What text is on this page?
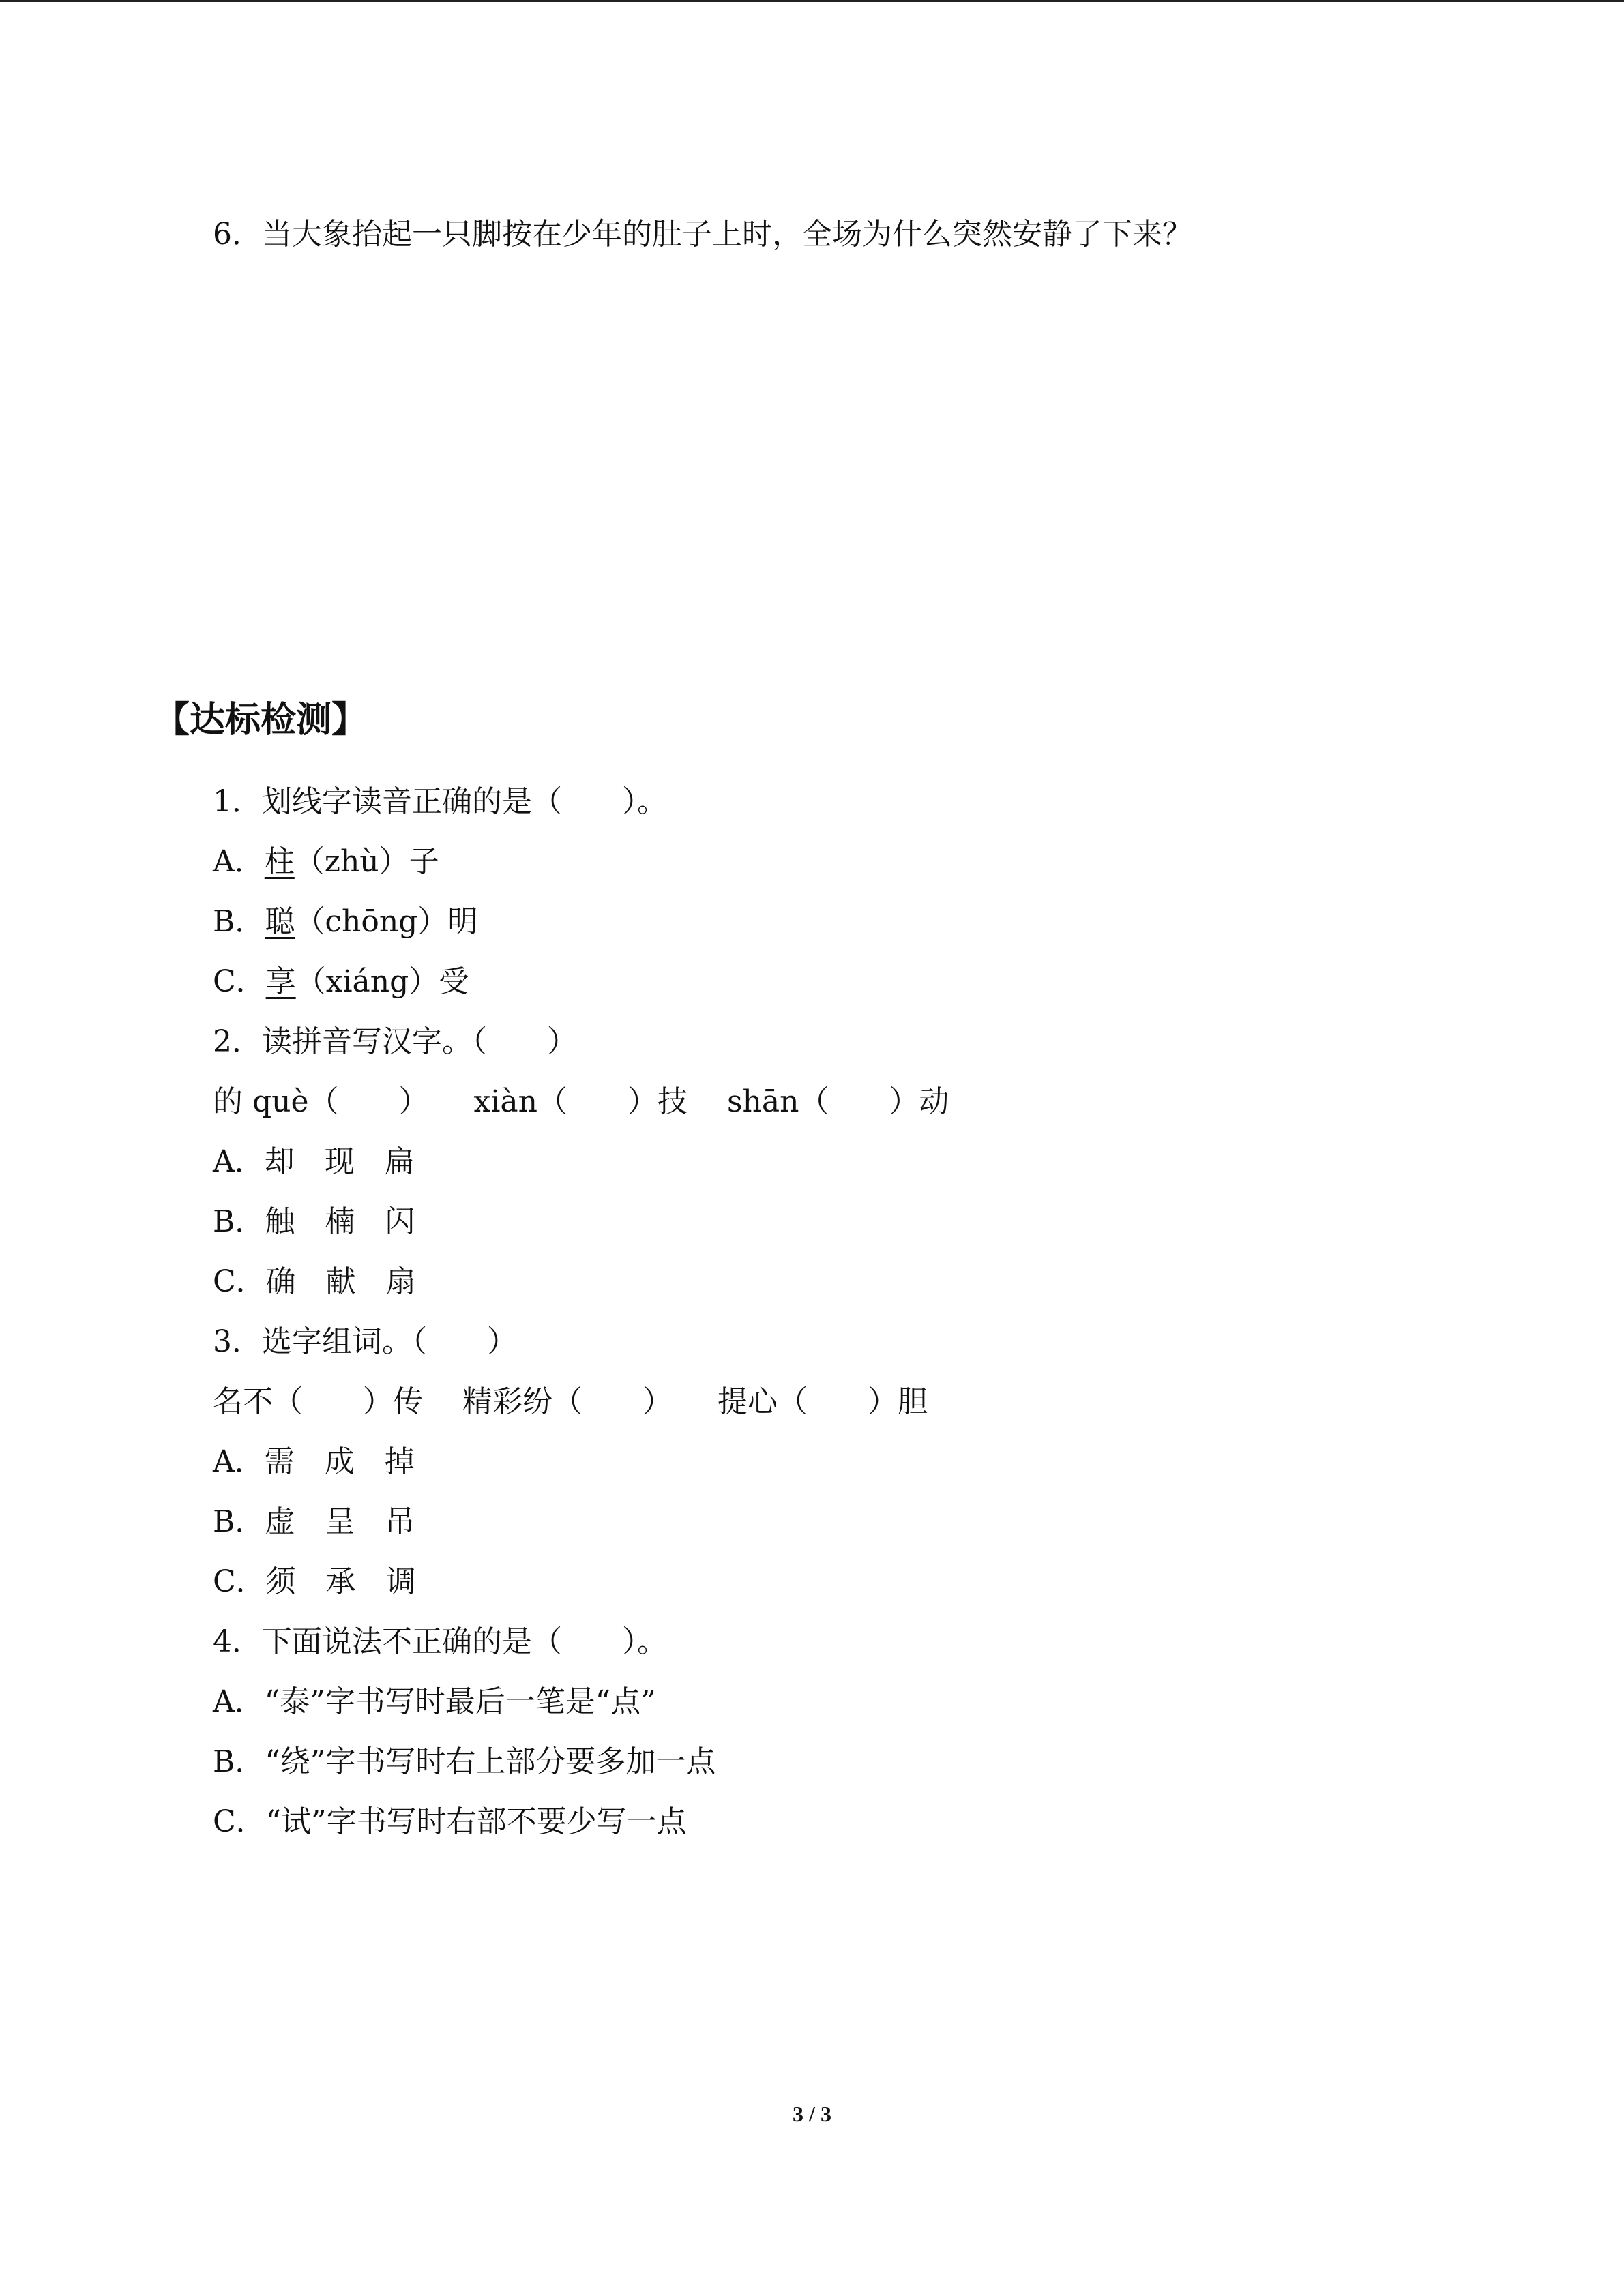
6．当大象抬起一只脚按在少年的肚子上时，全场为什么突然安静了下来？
【达标检测】
1．划线字读音正确的是（　　）。
A．柱（zhù）子
B．聪（chōng）明
C．享（xiáng）受
2．读拼音写汉字。（　　）
的 què（　　）　　xiàn（　　）技　 shān（　　）动
A．却　现　扁
B．触　楠　闪
C．确　献　扇
3．选字组词。（　　）
名不（　　）传　 精彩纷（　　）　　提心（　　）胆
A．需　成　掉
B．虚　呈　吊
C．须　承　调
4．下面说法不正确的是（　　）。
A．“泰”字书写时最后一笔是“点”
B．“绕”字书写时右上部分要多加一点
C．“试”字书写时右部不要少写一点
3 / 3
